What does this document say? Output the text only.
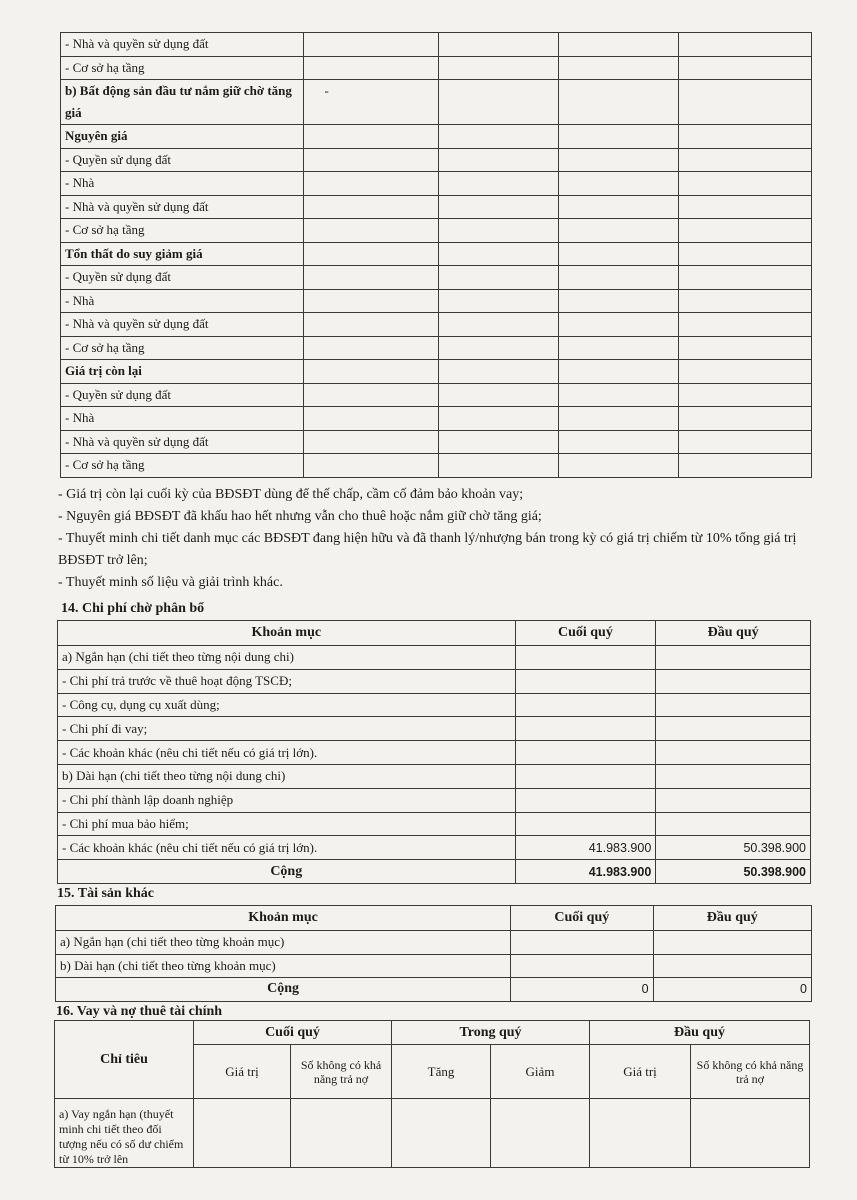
- Nhà và quyền sử dụng đất				
- Cơ sở hạ tầng				
b) Bất động sản đầu tư nắm giữ chờ tăng giá	-			
Nguyên giá				
- Quyền sử dụng đất				
- Nhà				
- Nhà và quyền sử dụng đất				
- Cơ sở hạ tầng				
Tổn thất do suy giảm giá				
- Quyền sử dụng đất				
- Nhà				
- Nhà và quyền sử dụng đất				
- Cơ sở hạ tầng				
Giá trị còn lại				
- Quyền sử dụng đất				
- Nhà				
- Nhà và quyền sử dụng đất				
- Cơ sở hạ tầng				
- Giá trị còn lại cuối kỳ của BĐSĐT dùng để thế chấp, cầm cố đảm bảo khoản vay;
- Nguyên giá BĐSĐT đã khấu hao hết nhưng vẫn cho thuê hoặc nắm giữ chờ tăng giá;
- Thuyết minh chi tiết danh mục các BĐSĐT đang hiện hữu và đã thanh lý/nhượng bán trong kỳ có giá trị chiếm từ 10% tổng giá trị BĐSĐT trở lên;
- Thuyết minh số liệu và giải trình khác.
14. Chi phí chờ phân bổ
Khoản mục	Cuối quý	Đầu quý
a) Ngắn hạn (chi tiết theo từng nội dung chi)		
- Chi phí trả trước về thuê hoạt động TSCĐ;		
- Công cụ, dụng cụ xuất dùng;		
- Chi phí đi vay;		
- Các khoản khác (nêu chi tiết nếu có giá trị lớn).		
b) Dài hạn (chi tiết theo từng nội dung chi)		
- Chi phí thành lập doanh nghiệp		
- Chi phí mua bảo hiểm;		
- Các khoản khác (nêu chi tiết nếu có giá trị lớn).	41.983.900	50.398.900
Cộng	41.983.900	50.398.900
15. Tài sản khác
Khoản mục	Cuối quý	Đầu quý
a) Ngắn hạn (chi tiết theo từng khoản mục)		
b) Dài hạn (chi tiết theo từng khoản mục)		
Cộng	0	0
16. Vay và nợ thuê tài chính
Chỉ tiêu	Cuối quý		Trong quý		Đầu quý	
	Giá trị	Số không có khả năng trả nợ	Tăng	Giảm	Giá trị	Số không có khả năng trả nợ
a) Vay ngắn hạn (thuyết minh chi tiết theo đối tượng nếu có số dư chiếm từ 10% trở lên						
